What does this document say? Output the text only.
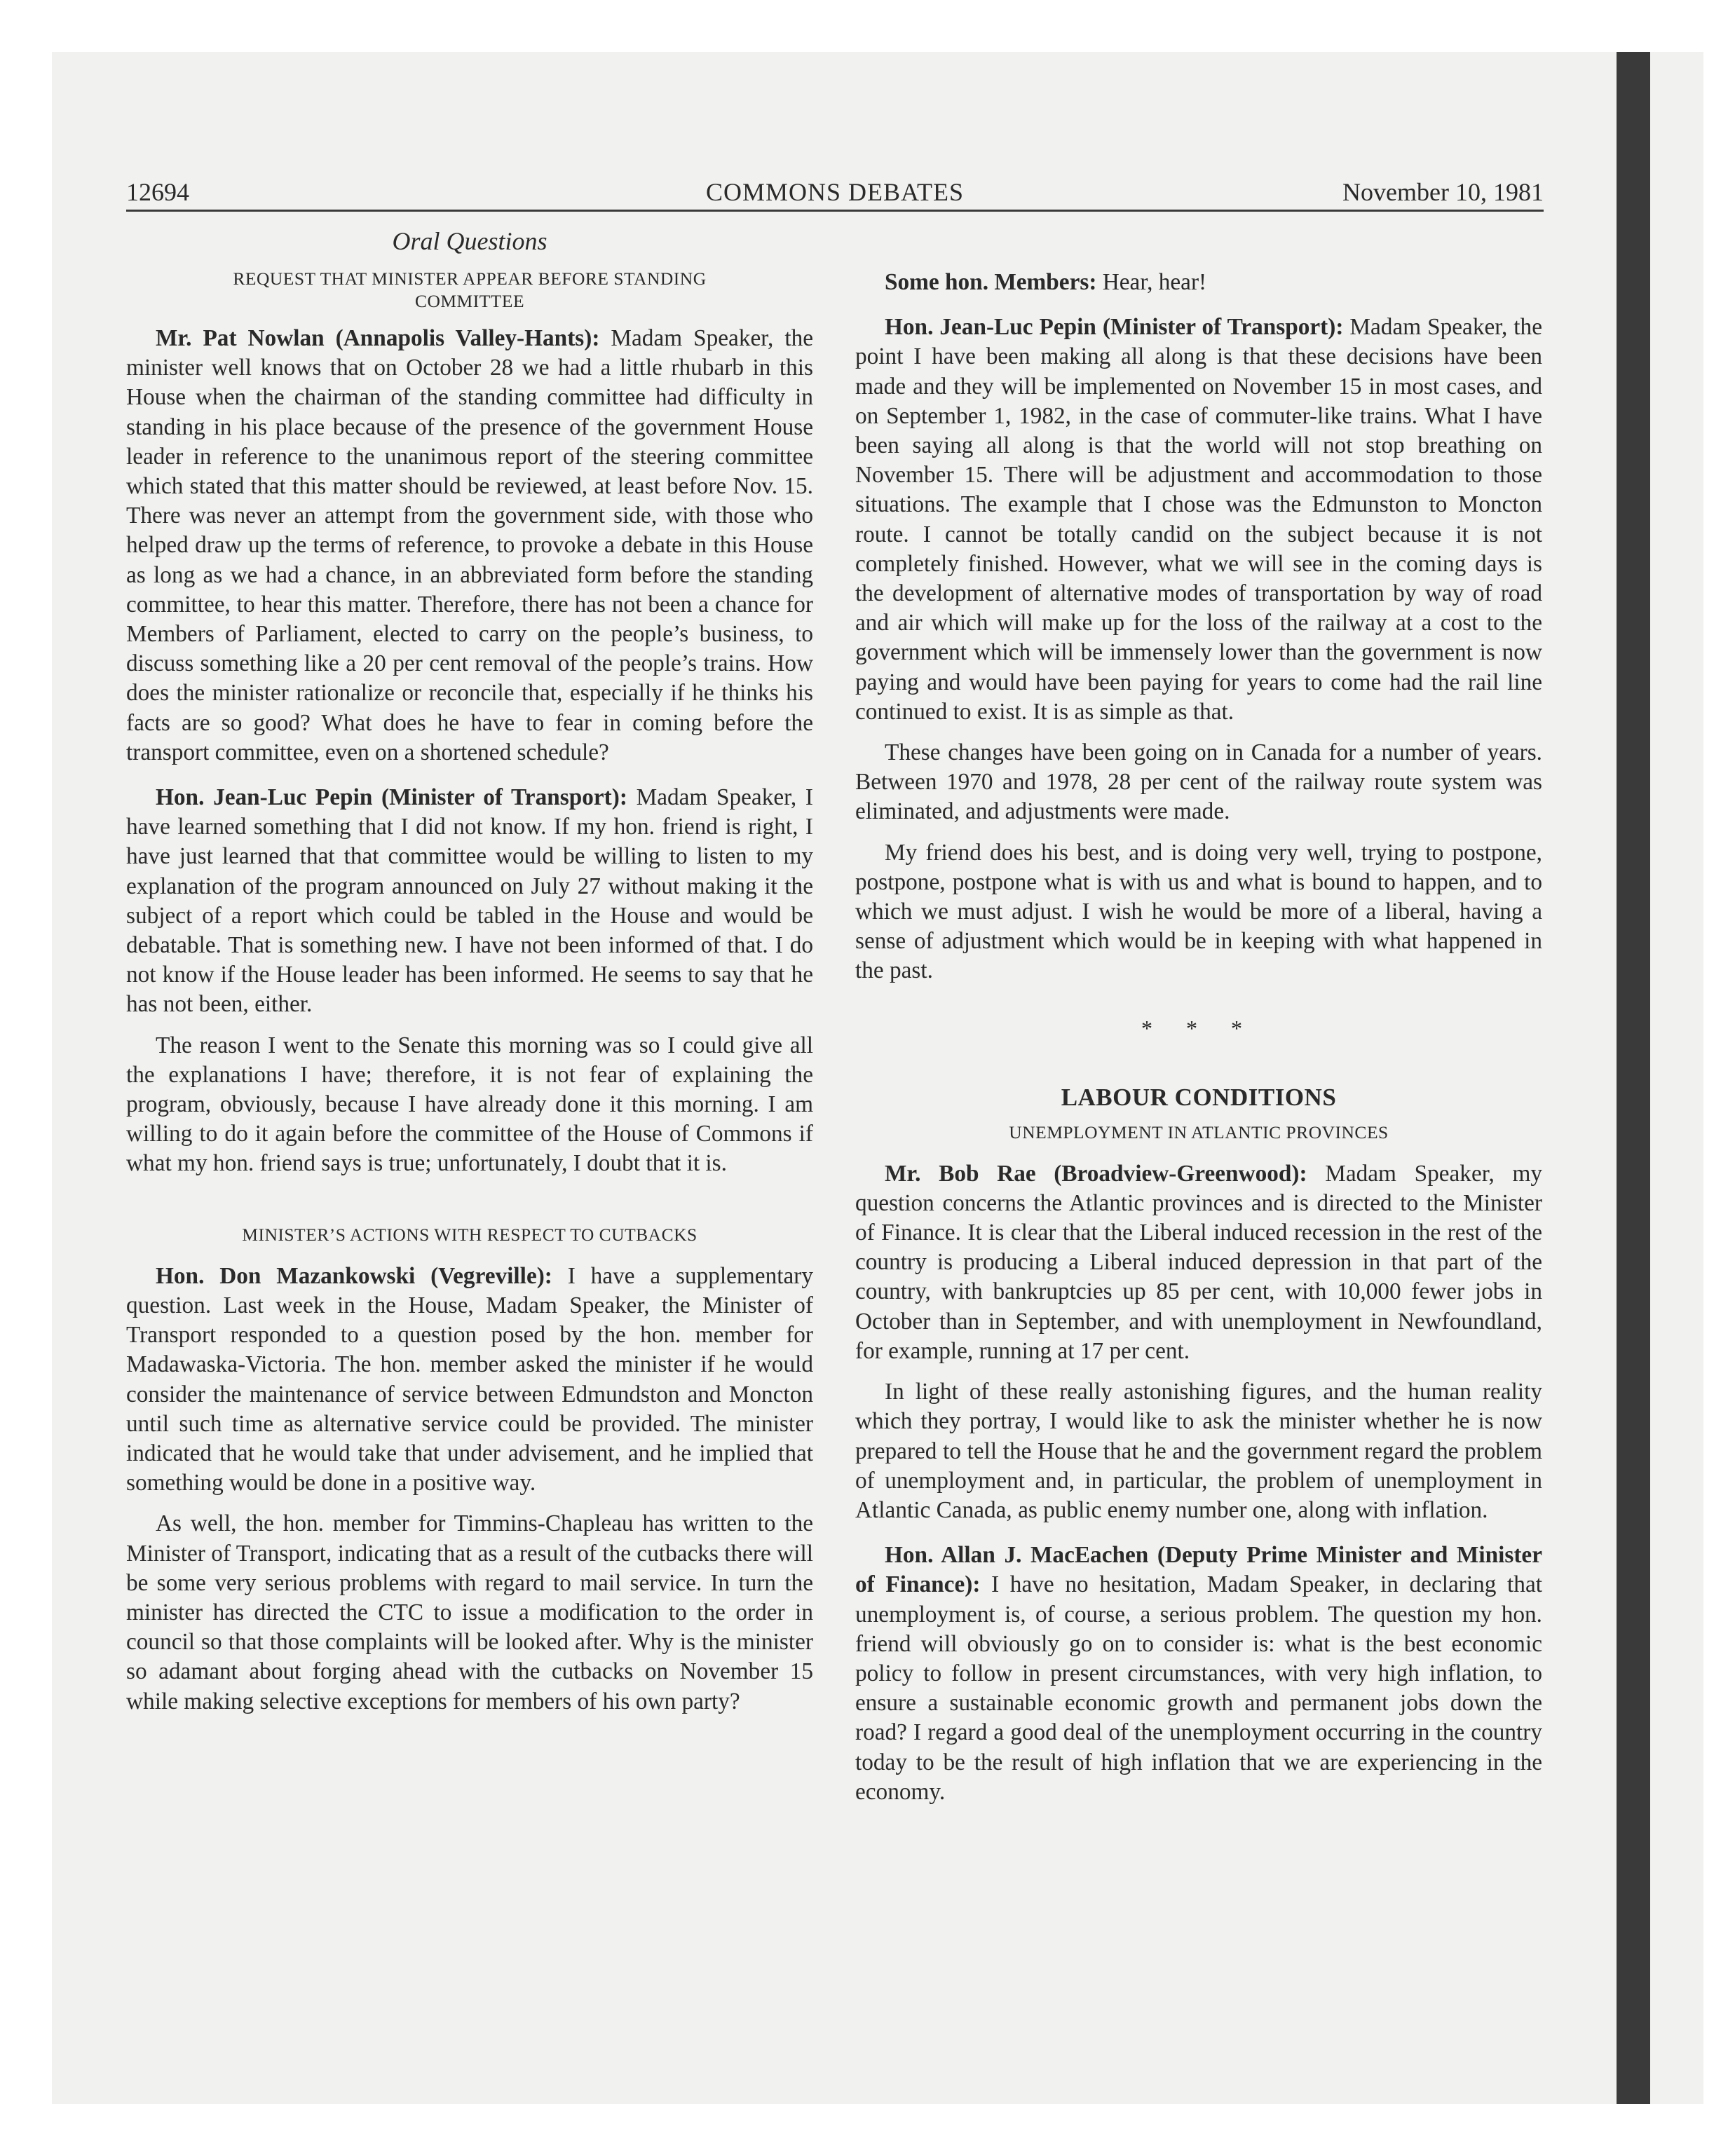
COMMONS DEBATES
12694	November 10, 1981
Oral Questions
REQUEST THAT MINISTER APPEAR BEFORE STANDING COMMITTEE

Mr. Pat Nowlan (Annapolis Valley-Hants): Madam Speaker, the minister well knows that on October 28 we had a little rhubarb in this House when the chairman of the standing committee had difficulty in standing in his place because of the presence of the government House leader in reference to the unanimous report of the steering committee which stated that this matter should be reviewed, at least before Nov. 15. There was never an attempt from the government side, with those who helped draw up the terms of reference, to provoke a debate in this House as long as we had a chance, in an abbreviated form before the standing committee, to hear this matter. Therefore, there has not been a chance for Members of Parliament, elected to carry on the people’s business, to discuss something like a 20 per cent removal of the people’s trains. How does the minister rationalize or reconcile that, especially if he thinks his facts are so good? What does he have to fear in coming before the transport committee, even on a shortened schedule?

Hon. Jean-Luc Pepin (Minister of Transport): Madam Speaker, I have learned something that I did not know. If my hon. friend is right, I have just learned that that committee would be willing to listen to my explanation of the program announced on July 27 without making it the subject of a report which could be tabled in the House and would be debatable. That is something new. I have not been informed of that. I do not know if the House leader has been informed. He seems to say that he has not been, either.

The reason I went to the Senate this morning was so I could give all the explanations I have; therefore, it is not fear of explaining the program, obviously, because I have already done it this morning. I am willing to do it again before the committee of the House of Commons if what my hon. friend says is true; unfortunately, I doubt that it is.

MINISTER’S ACTIONS WITH RESPECT TO CUTBACKS

Hon. Don Mazankowski (Vegreville): I have a supplementary question. Last week in the House, Madam Speaker, the Minister of Transport responded to a question posed by the hon. member for Madawaska-Victoria. The hon. member asked the minister if he would consider the maintenance of service between Edmundston and Moncton until such time as alternative service could be provided. The minister indicated that he would take that under advisement, and he implied that something would be done in a positive way.

As well, the hon. member for Timmins-Chapleau has written to the Minister of Transport, indicating that as a result of the cutbacks there will be some very serious problems with regard to mail service. In turn the minister has directed the CTC to issue a modification to the order in council so that those complaints will be looked after. Why is the minister so adamant about forging ahead with the cutbacks on November 15 while making selective exceptions for members of his own party?

Some hon. Members: Hear, hear!

Hon. Jean-Luc Pepin (Minister of Transport): Madam Speaker, the point I have been making all along is that these decisions have been made and they will be implemented on November 15 in most cases, and on September 1, 1982, in the case of commuter-like trains. What I have been saying all along is that the world will not stop breathing on November 15. There will be adjustment and accommodation to those situations. The example that I chose was the Edmunston to Moncton route. I cannot be totally candid on the subject because it is not completely finished. However, what we will see in the coming days is the development of alternative modes of transportation by way of road and air which will make up for the loss of the railway at a cost to the government which will be immensely lower than the government is now paying and would have been paying for years to come had the rail line continued to exist. It is as simple as that.

These changes have been going on in Canada for a number of years. Between 1970 and 1978, 28 per cent of the railway route system was eliminated, and adjustments were made.

My friend does his best, and is doing very well, trying to postpone, postpone, postpone what is with us and what is bound to happen, and to which we must adjust. I wish he would be more of a liberal, having a sense of adjustment which would be in keeping with what happened in the past.

* * *
LABOUR CONDITIONS
UNEMPLOYMENT IN ATLANTIC PROVINCES

Mr. Bob Rae (Broadview-Greenwood): Madam Speaker, my question concerns the Atlantic provinces and is directed to the Minister of Finance. It is clear that the Liberal induced recession in the rest of the country is producing a Liberal induced depression in that part of the country, with bankruptcies up 85 per cent, with 10,000 fewer jobs in October than in September, and with unemployment in Newfoundland, for example, running at 17 per cent.

In light of these really astonishing figures, and the human reality which they portray, I would like to ask the minister whether he is now prepared to tell the House that he and the government regard the problem of unemployment and, in particular, the problem of unemployment in Atlantic Canada, as public enemy number one, along with inflation.

Hon. Allan J. MacEachen (Deputy Prime Minister and Minister of Finance): I have no hesitation, Madam Speaker, in declaring that unemployment is, of course, a serious problem. The question my hon. friend will obviously go on to consider is: what is the best economic policy to follow in present circumstances, with very high inflation, to ensure a sustainable economic growth and permanent jobs down the road? I regard a good deal of the unemployment occurring in the country today to be the result of high inflation that we are experiencing in the economy.
